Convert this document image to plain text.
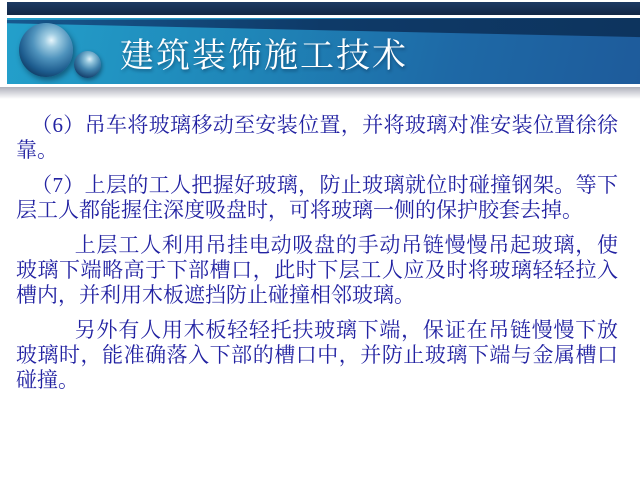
建筑装饰施工技术

（6）吊车将玻璃移动至安装位置，并将玻璃对准安装位置徐徐靠。

（7）上层的工人把握好玻璃，防止玻璃就位时碰撞钢架。等下层工人都能握住深度吸盘时，可将玻璃一侧的保护胶套去掉。

上层工人利用吊挂电动吸盘的手动吊链慢慢吊起玻璃，使玻璃下端略高于下部槽口，此时下层工人应及时将玻璃轻轻拉入槽内，并利用木板遮挡防止碰撞相邻玻璃。

另外有人用木板轻轻托扶玻璃下端，保证在吊链慢慢下放玻璃时，能准确落入下部的槽口中，并防止玻璃下端与金属槽口碰撞。
